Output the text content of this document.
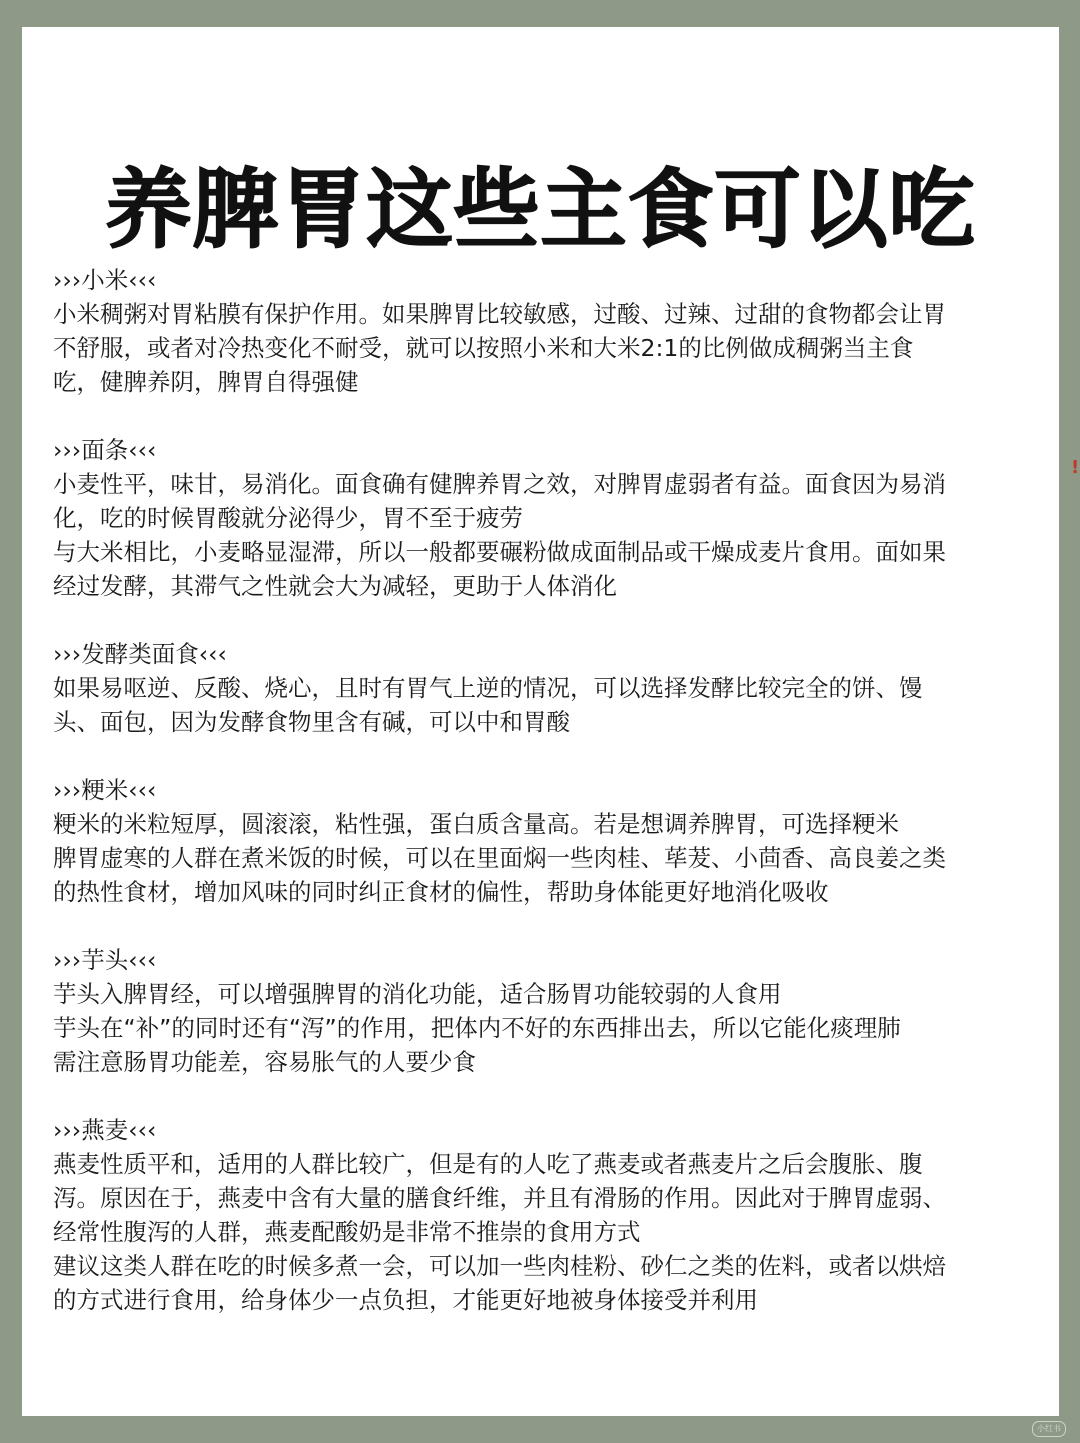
养脾胃这些主食可以吃
›››小米‹‹‹
小米稠粥对胃粘膜有保护作用。如果脾胃比较敏感，过酸、过辣、过甜的食物都会让胃
不舒服，或者对冷热变化不耐受，就可以按照小米和大米2:1的比例做成稠粥当主食
吃，健脾养阴，脾胃自得强健
›››面条‹‹‹
小麦性平，味甘，易消化。面食确有健脾养胃之效，对脾胃虚弱者有益。面食因为易消
化，吃的时候胃酸就分泌得少，胃不至于疲劳
与大米相比，小麦略显湿滞，所以一般都要碾粉做成面制品或干燥成麦片食用。面如果
经过发酵，其滞气之性就会大为减轻，更助于人体消化
›››发酵类面食‹‹‹
如果易呕逆、反酸、烧心，且时有胃气上逆的情况，可以选择发酵比较完全的饼、馒
头、面包，因为发酵食物里含有碱，可以中和胃酸
›››粳米‹‹‹
粳米的米粒短厚，圆滚滚，粘性强，蛋白质含量高。若是想调养脾胃，可选择粳米
脾胃虚寒的人群在煮米饭的时候，可以在里面焖一些肉桂、荜茇、小茴香、高良姜之类
的热性食材，增加风味的同时纠正食材的偏性，帮助身体能更好地消化吸收
›››芋头‹‹‹
芋头入脾胃经，可以增强脾胃的消化功能，适合肠胃功能较弱的人食用
芋头在“补”的同时还有“泻”的作用，把体内不好的东西排出去，所以它能化痰理肺
需注意肠胃功能差，容易胀气的人要少食
›››燕麦‹‹‹
燕麦性质平和，适用的人群比较广，但是有的人吃了燕麦或者燕麦片之后会腹胀、腹
泻。原因在于，燕麦中含有大量的膳食纤维，并且有滑肠的作用。因此对于脾胃虚弱、
经常性腹泻的人群，燕麦配酸奶是非常不推崇的食用方式
建议这类人群在吃的时候多煮一会，可以加一些肉桂粉、砂仁之类的佐料，或者以烘焙
的方式进行食用，给身体少一点负担，才能更好地被身体接受并利用
!
小红书
